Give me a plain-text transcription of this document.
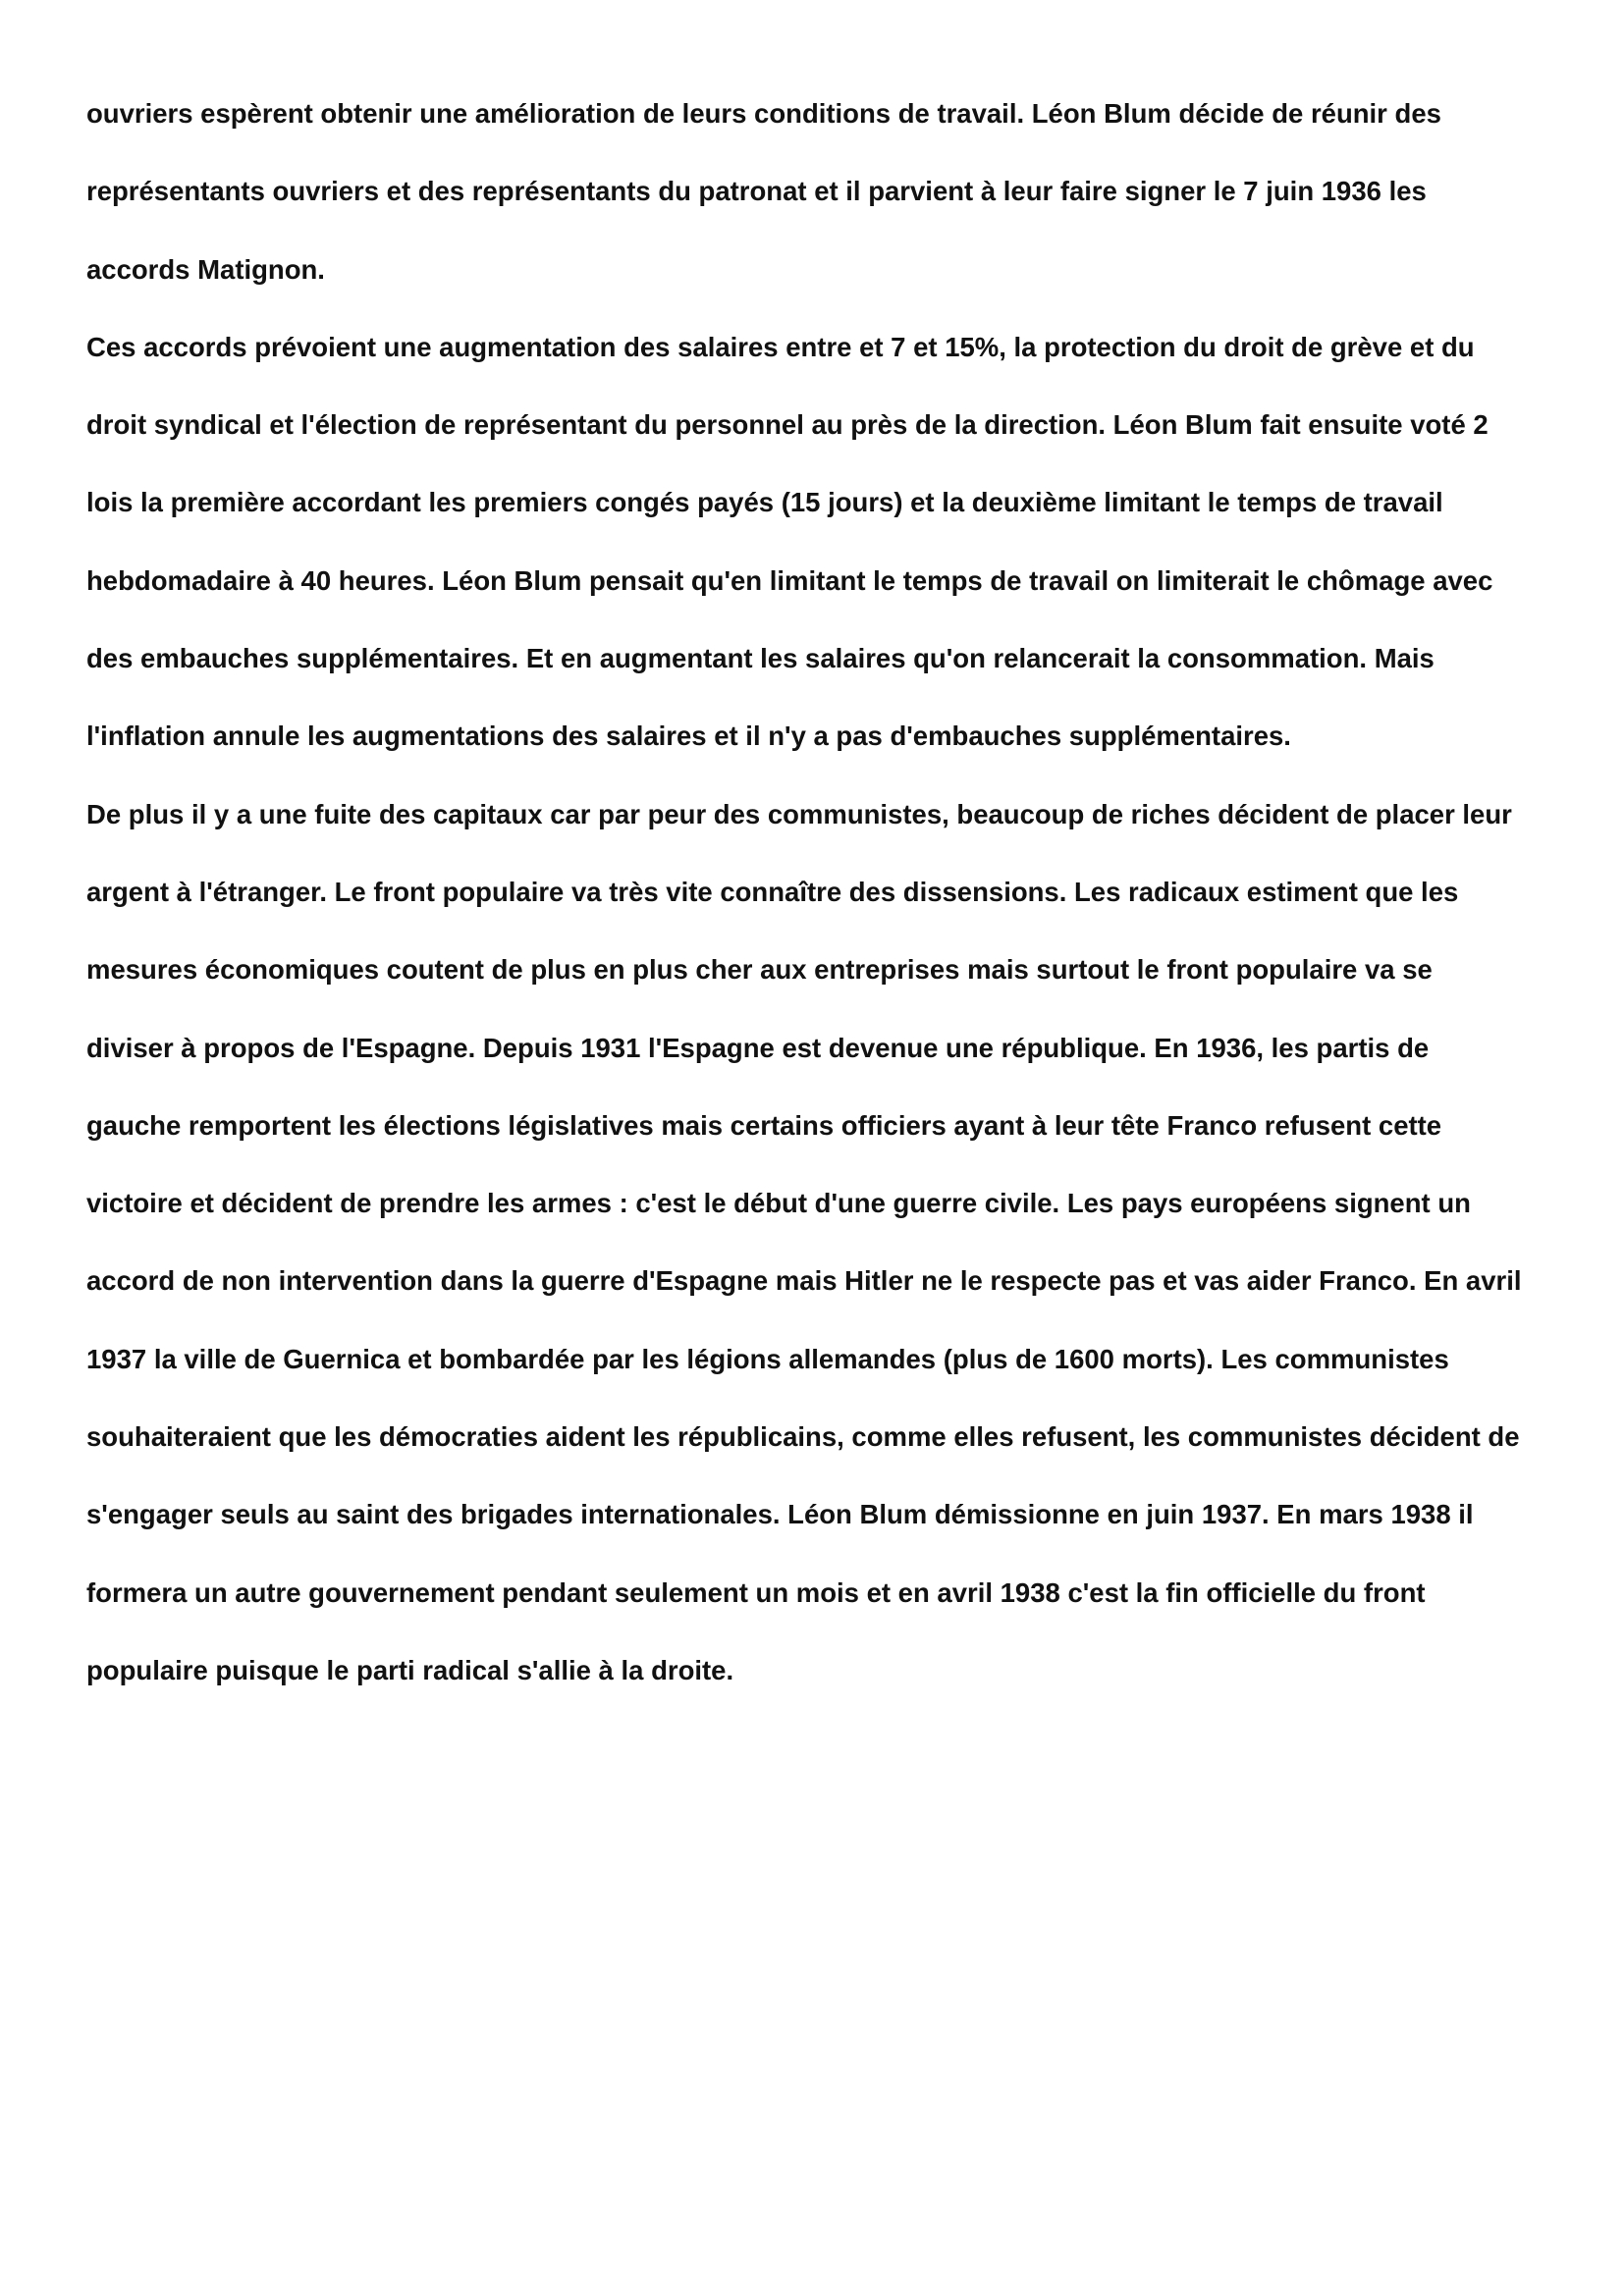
ouvriers espèrent obtenir une amélioration de leurs conditions de travail. Léon Blum décide de réunir des
représentants ouvriers et des représentants du patronat et il parvient à leur faire signer le 7 juin 1936 les
accords Matignon.
Ces accords prévoient une augmentation des salaires entre et 7 et 15%, la protection du droit de grève et du
droit syndical et l'élection de représentant du personnel au près de la direction. Léon Blum fait ensuite voté 2
lois la première accordant les premiers congés payés (15 jours) et la deuxième limitant le temps de travail
hebdomadaire à 40 heures. Léon Blum pensait qu'en limitant le temps de travail on limiterait le chômage avec
des embauches supplémentaires. Et en augmentant les salaires qu'on relancerait la consommation. Mais
l'inflation annule les augmentations des salaires et il n'y a pas d'embauches supplémentaires.
De plus il y a une fuite des capitaux car par peur des communistes, beaucoup de riches décident de placer leur
argent à l'étranger. Le front populaire va très vite connaître des dissensions. Les radicaux estiment que les
mesures économiques coutent de plus en plus cher aux entreprises mais surtout le front populaire va se
diviser à propos de l'Espagne. Depuis 1931 l'Espagne est devenue une république. En 1936, les partis de
gauche remportent les élections législatives mais certains officiers ayant à leur tête Franco refusent cette
victoire et décident de prendre les armes : c'est le début d'une guerre civile. Les pays européens signent un
accord de non intervention dans la guerre d'Espagne mais Hitler ne le respecte pas et vas aider Franco. En avril
1937 la ville de Guernica et bombardée par les légions allemandes (plus de 1600 morts). Les communistes
souhaiteraient que les démocraties aident les républicains, comme elles refusent, les communistes décident de
s'engager seuls au saint des brigades internationales. Léon Blum démissionne en juin 1937. En mars 1938 il
formera un autre gouvernement pendant seulement un mois et en avril 1938 c'est la fin officielle du front
populaire puisque le parti radical s'allie à la droite.
